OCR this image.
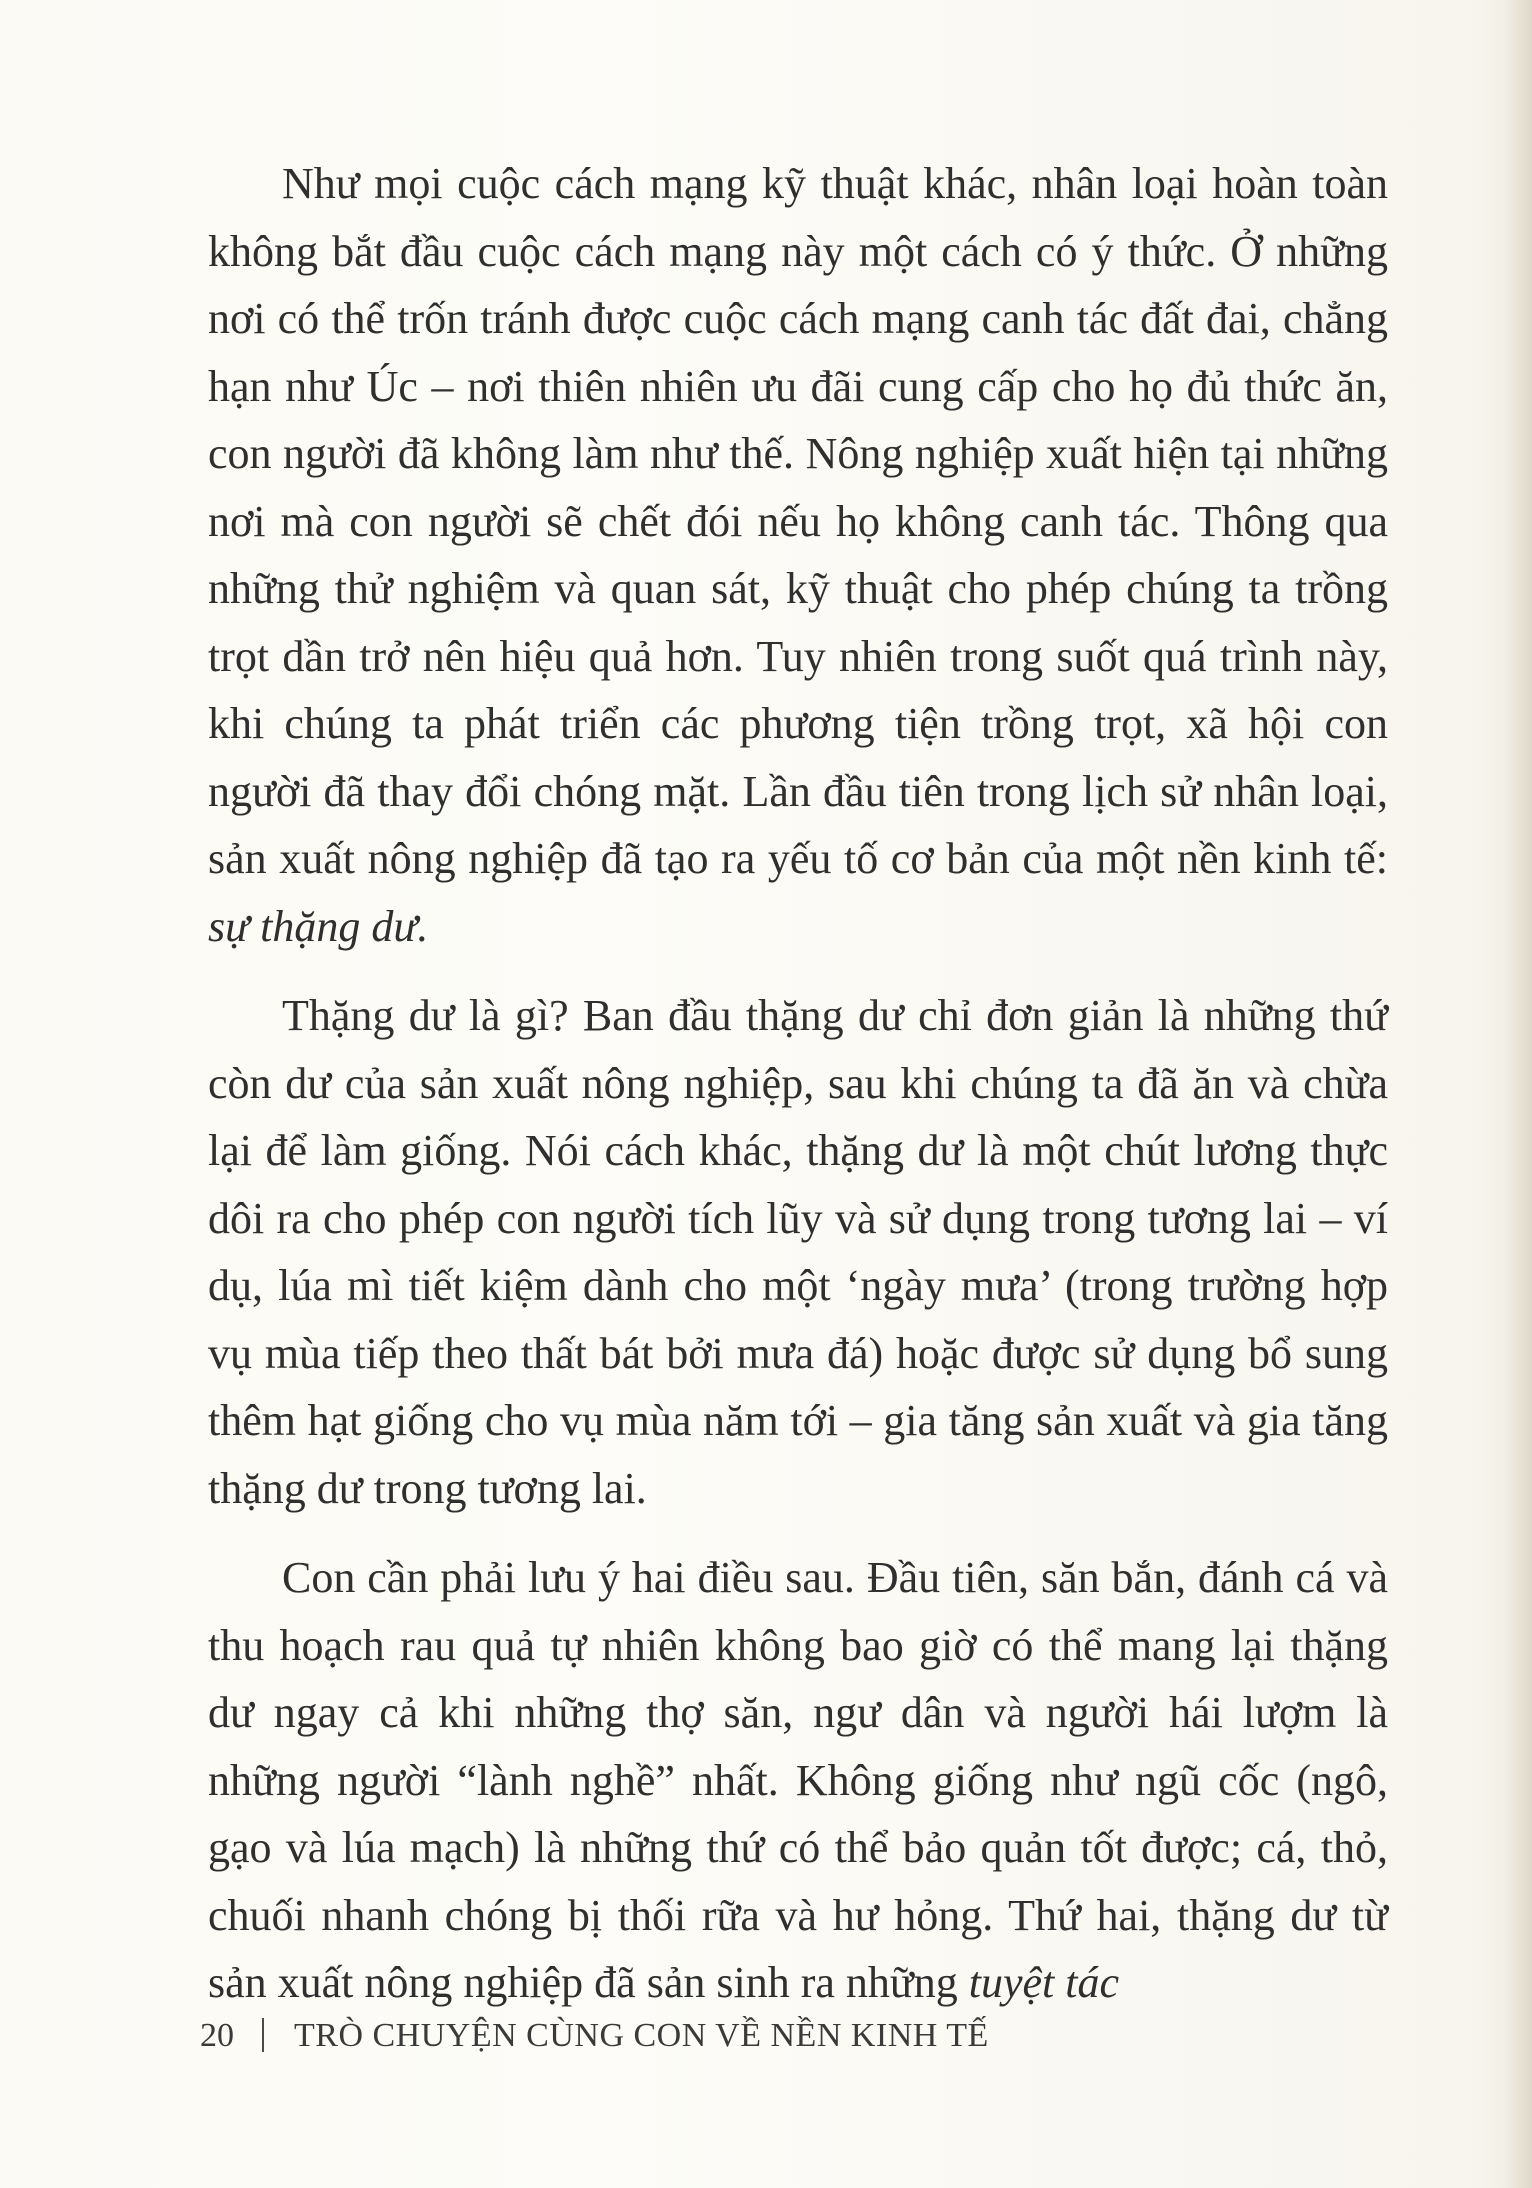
Như mọi cuộc cách mạng kỹ thuật khác, nhân loại hoàn toàn không bắt đầu cuộc cách mạng này một cách có ý thức. Ở những nơi có thể trốn tránh được cuộc cách mạng canh tác đất đai, chẳng hạn như Úc – nơi thiên nhiên ưu đãi cung cấp cho họ đủ thức ăn, con người đã không làm như thế. Nông nghiệp xuất hiện tại những nơi mà con người sẽ chết đói nếu họ không canh tác. Thông qua những thử nghiệm và quan sát, kỹ thuật cho phép chúng ta trồng trọt dần trở nên hiệu quả hơn. Tuy nhiên trong suốt quá trình này, khi chúng ta phát triển các phương tiện trồng trọt, xã hội con người đã thay đổi chóng mặt. Lần đầu tiên trong lịch sử nhân loại, sản xuất nông nghiệp đã tạo ra yếu tố cơ bản của một nền kinh tế: sự thặng dư.

Thặng dư là gì? Ban đầu thặng dư chỉ đơn giản là những thứ còn dư của sản xuất nông nghiệp, sau khi chúng ta đã ăn và chừa lại để làm giống. Nói cách khác, thặng dư là một chút lương thực dôi ra cho phép con người tích lũy và sử dụng trong tương lai – ví dụ, lúa mì tiết kiệm dành cho một ‘ngày mưa’ (trong trường hợp vụ mùa tiếp theo thất bát bởi mưa đá) hoặc được sử dụng bổ sung thêm hạt giống cho vụ mùa năm tới – gia tăng sản xuất và gia tăng thặng dư trong tương lai.

Con cần phải lưu ý hai điều sau. Đầu tiên, săn bắn, đánh cá và thu hoạch rau quả tự nhiên không bao giờ có thể mang lại thặng dư ngay cả khi những thợ săn, ngư dân và người hái lượm là những người “lành nghề” nhất. Không giống như ngũ cốc (ngô, gạo và lúa mạch) là những thứ có thể bảo quản tốt được; cá, thỏ, chuối nhanh chóng bị thối rữa và hư hỏng. Thứ hai, thặng dư từ sản xuất nông nghiệp đã sản sinh ra những tuyệt tác

20 TRÒ CHUYỆN CÙNG CON VỀ NỀN KINH TẾ
